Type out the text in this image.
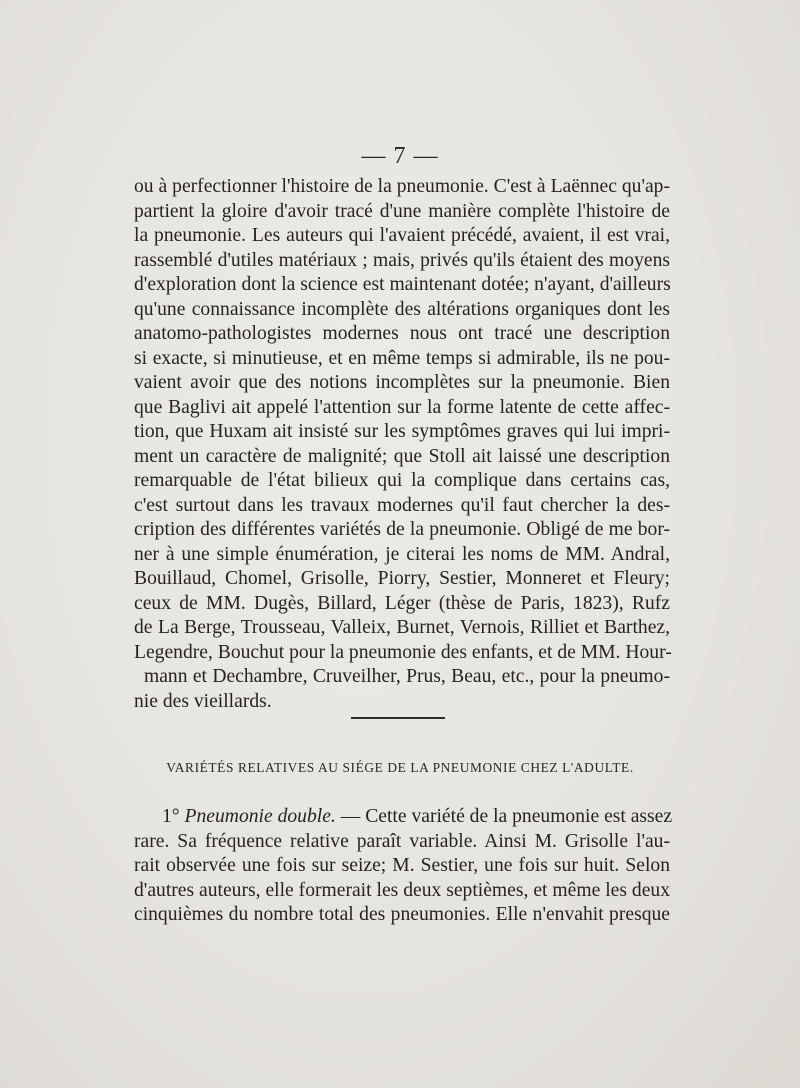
— 7 —
ou à perfectionner l'histoire de la pneumonie. C'est à Laënnec qu'ap-
partient la gloire d'avoir tracé d'une manière complète l'histoire de
la pneumonie. Les auteurs qui l'avaient précédé, avaient, il est vrai,
rassemblé d'utiles matériaux ; mais, privés qu'ils étaient des moyens
d'exploration dont la science est maintenant dotée; n'ayant, d'ailleurs
qu'une connaissance incomplète des altérations organiques dont les
anatomo-pathologistes modernes nous ont tracé une description
si exacte, si minutieuse, et en même temps si admirable, ils ne pou-
vaient avoir que des notions incomplètes sur la pneumonie. Bien
que Baglivi ait appelé l'attention sur la forme latente de cette affec-
tion, que Huxam ait insisté sur les symptômes graves qui lui impri-
ment un caractère de malignité; que Stoll ait laissé une description
remarquable de l'état bilieux qui la complique dans certains cas,
c'est surtout dans les travaux modernes qu'il faut chercher la des-
cription des différentes variétés de la pneumonie. Obligé de me bor-
ner à une simple énumération, je citerai les noms de MM. Andral,
Bouillaud, Chomel, Grisolle, Piorry, Sestier, Monneret et Fleury;
ceux de MM. Dugès, Billard, Léger (thèse de Paris, 1823), Rufz
de La Berge, Trousseau, Valleix, Burnet, Vernois, Rilliet et Barthez,
Legendre, Bouchut pour la pneumonie des enfants, et de MM. Hour-
mann et Dechambre, Cruveilher, Prus, Beau, etc., pour la pneumo-
nie des vieillards.
VARIÉTÉS RELATIVES AU SIÉGE DE LA PNEUMONIE CHEZ L'ADULTE.
1° Pneumonie double. — Cette variété de la pneumonie est assez
rare. Sa fréquence relative paraît variable. Ainsi M. Grisolle l'au-
rait observée une fois sur seize; M. Sestier, une fois sur huit. Selon
d'autres auteurs, elle formerait les deux septièmes, et même les deux
cinquièmes du nombre total des pneumonies. Elle n'envahit presque
